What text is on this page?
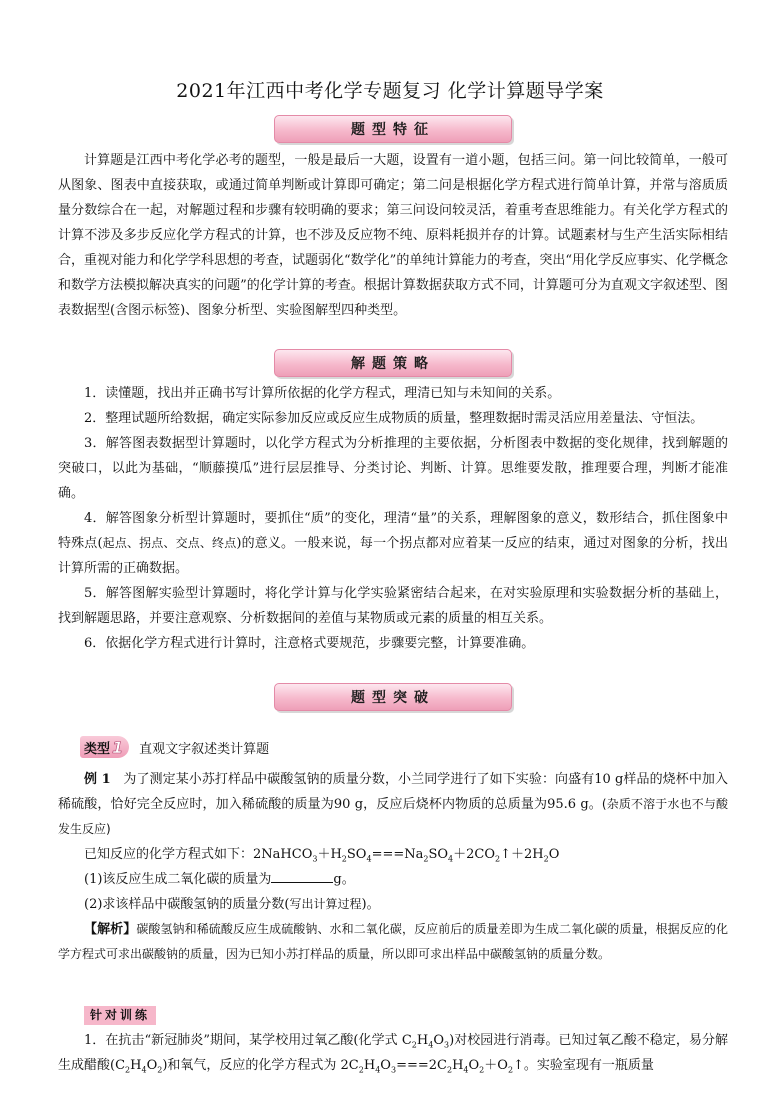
2021年江西中考化学专题复习 化学计算题导学案
题型特征

计算题是江西中考化学必考的题型，一般是最后一大题，设置有一道小题，包括三问。第一问比较简单，一般可从图象、图表中直接获取，或通过简单判断或计算即可确定；第二问是根据化学方程式进行简单计算，并常与溶质质量分数综合在一起，对解题过程和步骤有较明确的要求；第三问设问较灵活，着重考查思维能力。有关化学方程式的计算不涉及多步反应化学方程式的计算，也不涉及反应物不纯、原料耗损并存的计算。试题素材与生产生活实际相结合，重视对能力和化学学科思想的考查，试题弱化“数学化”的单纯计算能力的考查，突出“用化学反应事实、化学概念和数学方法模拟解决真实的问题”的化学计算的考查。根据计算数据获取方式不同，计算题可分为直观文字叙述型、图表数据型(含图示标签)、图象分析型、实验图解型四种类型。

解题策略

1．读懂题，找出并正确书写计算所依据的化学方程式，理清已知与未知间的关系。

2．整理试题所给数据，确定实际参加反应或反应生成物质的质量，整理数据时需灵活应用差量法、守恒法。

3．解答图表数据型计算题时，以化学方程式为分析推理的主要依据，分析图表中数据的变化规律，找到解题的突破口，以此为基础，“顺藤摸瓜”进行层层推导、分类讨论、判断、计算。思维要发散，推理要合理，判断才能准确。

4．解答图象分析型计算题时，要抓住“质”的变化，理清“量”的关系，理解图象的意义，数形结合，抓住图象中特殊点(起点、拐点、交点、终点)的意义。一般来说，每一个拐点都对应着某一反应的结束，通过对图象的分析，找出计算所需的正确数据。

5．解答图解实验型计算题时，将化学计算与化学实验紧密结合起来，在对实验原理和实验数据分析的基础上，找到解题思路，并要注意观察、分析数据间的差值与某物质或元素的质量的相互关系。

6．依据化学方程式进行计算时，注意格式要规范，步骤要完整，计算要准确。

题型突破
类型 1 直观文字叙述类计算题

例 1 为了测定某小苏打样品中碳酸氢钠的质量分数，小兰同学进行了如下实验：向盛有10 g样品的烧杯中加入稀硫酸，恰好完全反应时，加入稀硫酸的质量为90 g，反应后烧杯内物质的总质量为95.6 g。(杂质不溶于水也不与酸发生反应)

已知反应的化学方程式如下：$2NaHCO_3+H_2SO_4===Na_2SO_4+2CO_2↑+2H_2O$

(1)该反应生成二氧化碳的质量为	g。

(2)求该样品中碳酸氢钠的质量分数(写出计算过程)。

【解析】碳酸氢钠和稀硫酸反应生成硫酸钠、水和二氧化碳，反应前后的质量差即为生成二氧化碳的质量，根据反应的化学方程式可求出碳酸钠的质量，因为已知小苏打样品的质量，所以即可求出样品中碳酸氢钠的质量分数。

针对训练

1．在抗击“新冠肺炎”期间，某学校用过氧乙酸(化学式 $C_2H_4O_3$)对校园进行消毒。已知过氧乙酸不稳定，易分解生成醋酸$(C_2H_4O_2)$和氧气，反应的化学方程式为 $2C_2H_4O_3===2C_2H_4O_2+O_2↑$。实验室现有一瓶质量
